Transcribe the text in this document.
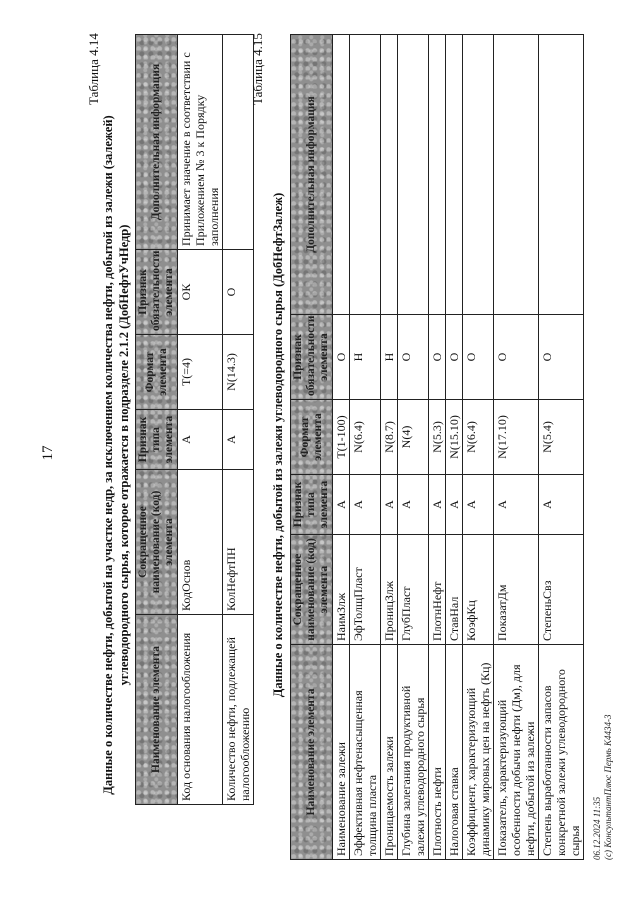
17
Таблица 4.14
Данные о количестве нефти, добытой на участке недр, за исключением количества нефти, добытой из залежи (залежей) углеводородного сырья, которое отражается в подразделе 2.1.2 (ДобНефтУчНедр)
Наименование элемента	Сокращенное наименование (код) элемента	Признак типа элемента	Формат элемента	Признак обязательности элемента	Дополнительная информация
Код основания налогообложения	КодОснов	А	Т(=4)	ОК	Принимает значение в соответствии с Приложением № 3 к Порядку заполнения
Количество нефти, подлежащей налогообложению	КолНефтПН	А	N(14.3)	О	
Таблица 4.15
Данные о количестве нефти, добытой из залежи углеводородного сырья (ДобНефтЗалеж)
Наименование элемента	Сокращенное наименование (код) элемента	Признак типа элемента	Формат элемента	Признак обязательности элемента	Дополнительная информация
Наименование залежи	НаимЗлж	А	Т(1-100)	О	
Эффективная нефтенасыщенная толщина пласта	ЭфТолщПласт	А	N(6.4)	Н	
Проницаемость залежи	ПроницЗлж	А	N(8.7)	Н	
Глубина залегания продуктивной залежи углеводородного сырья	ГлубПласт	А	N(4)	О	
Плотность нефти	ПлотнНефт	А	N(5.3)	О	
Налоговая ставка	СтавНал	А	N(15.10)	О	
Коэффициент, характеризующий динамику мировых цен на нефть (Кц)	КоэфКц	А	N(6.4)	О	
Показатель, характеризующий особенности добычи нефти (Дм), для нефти, добытой из залежи	ПоказатДм	А	N(17.10)	О	
Степень выработанности запасов конкретной залежи углеводородного сырья	СтепеньСвз	А	N(5.4)	О	
06.12.2024 11:35 (c) КонсультантПлюс Пермь К4434-3
